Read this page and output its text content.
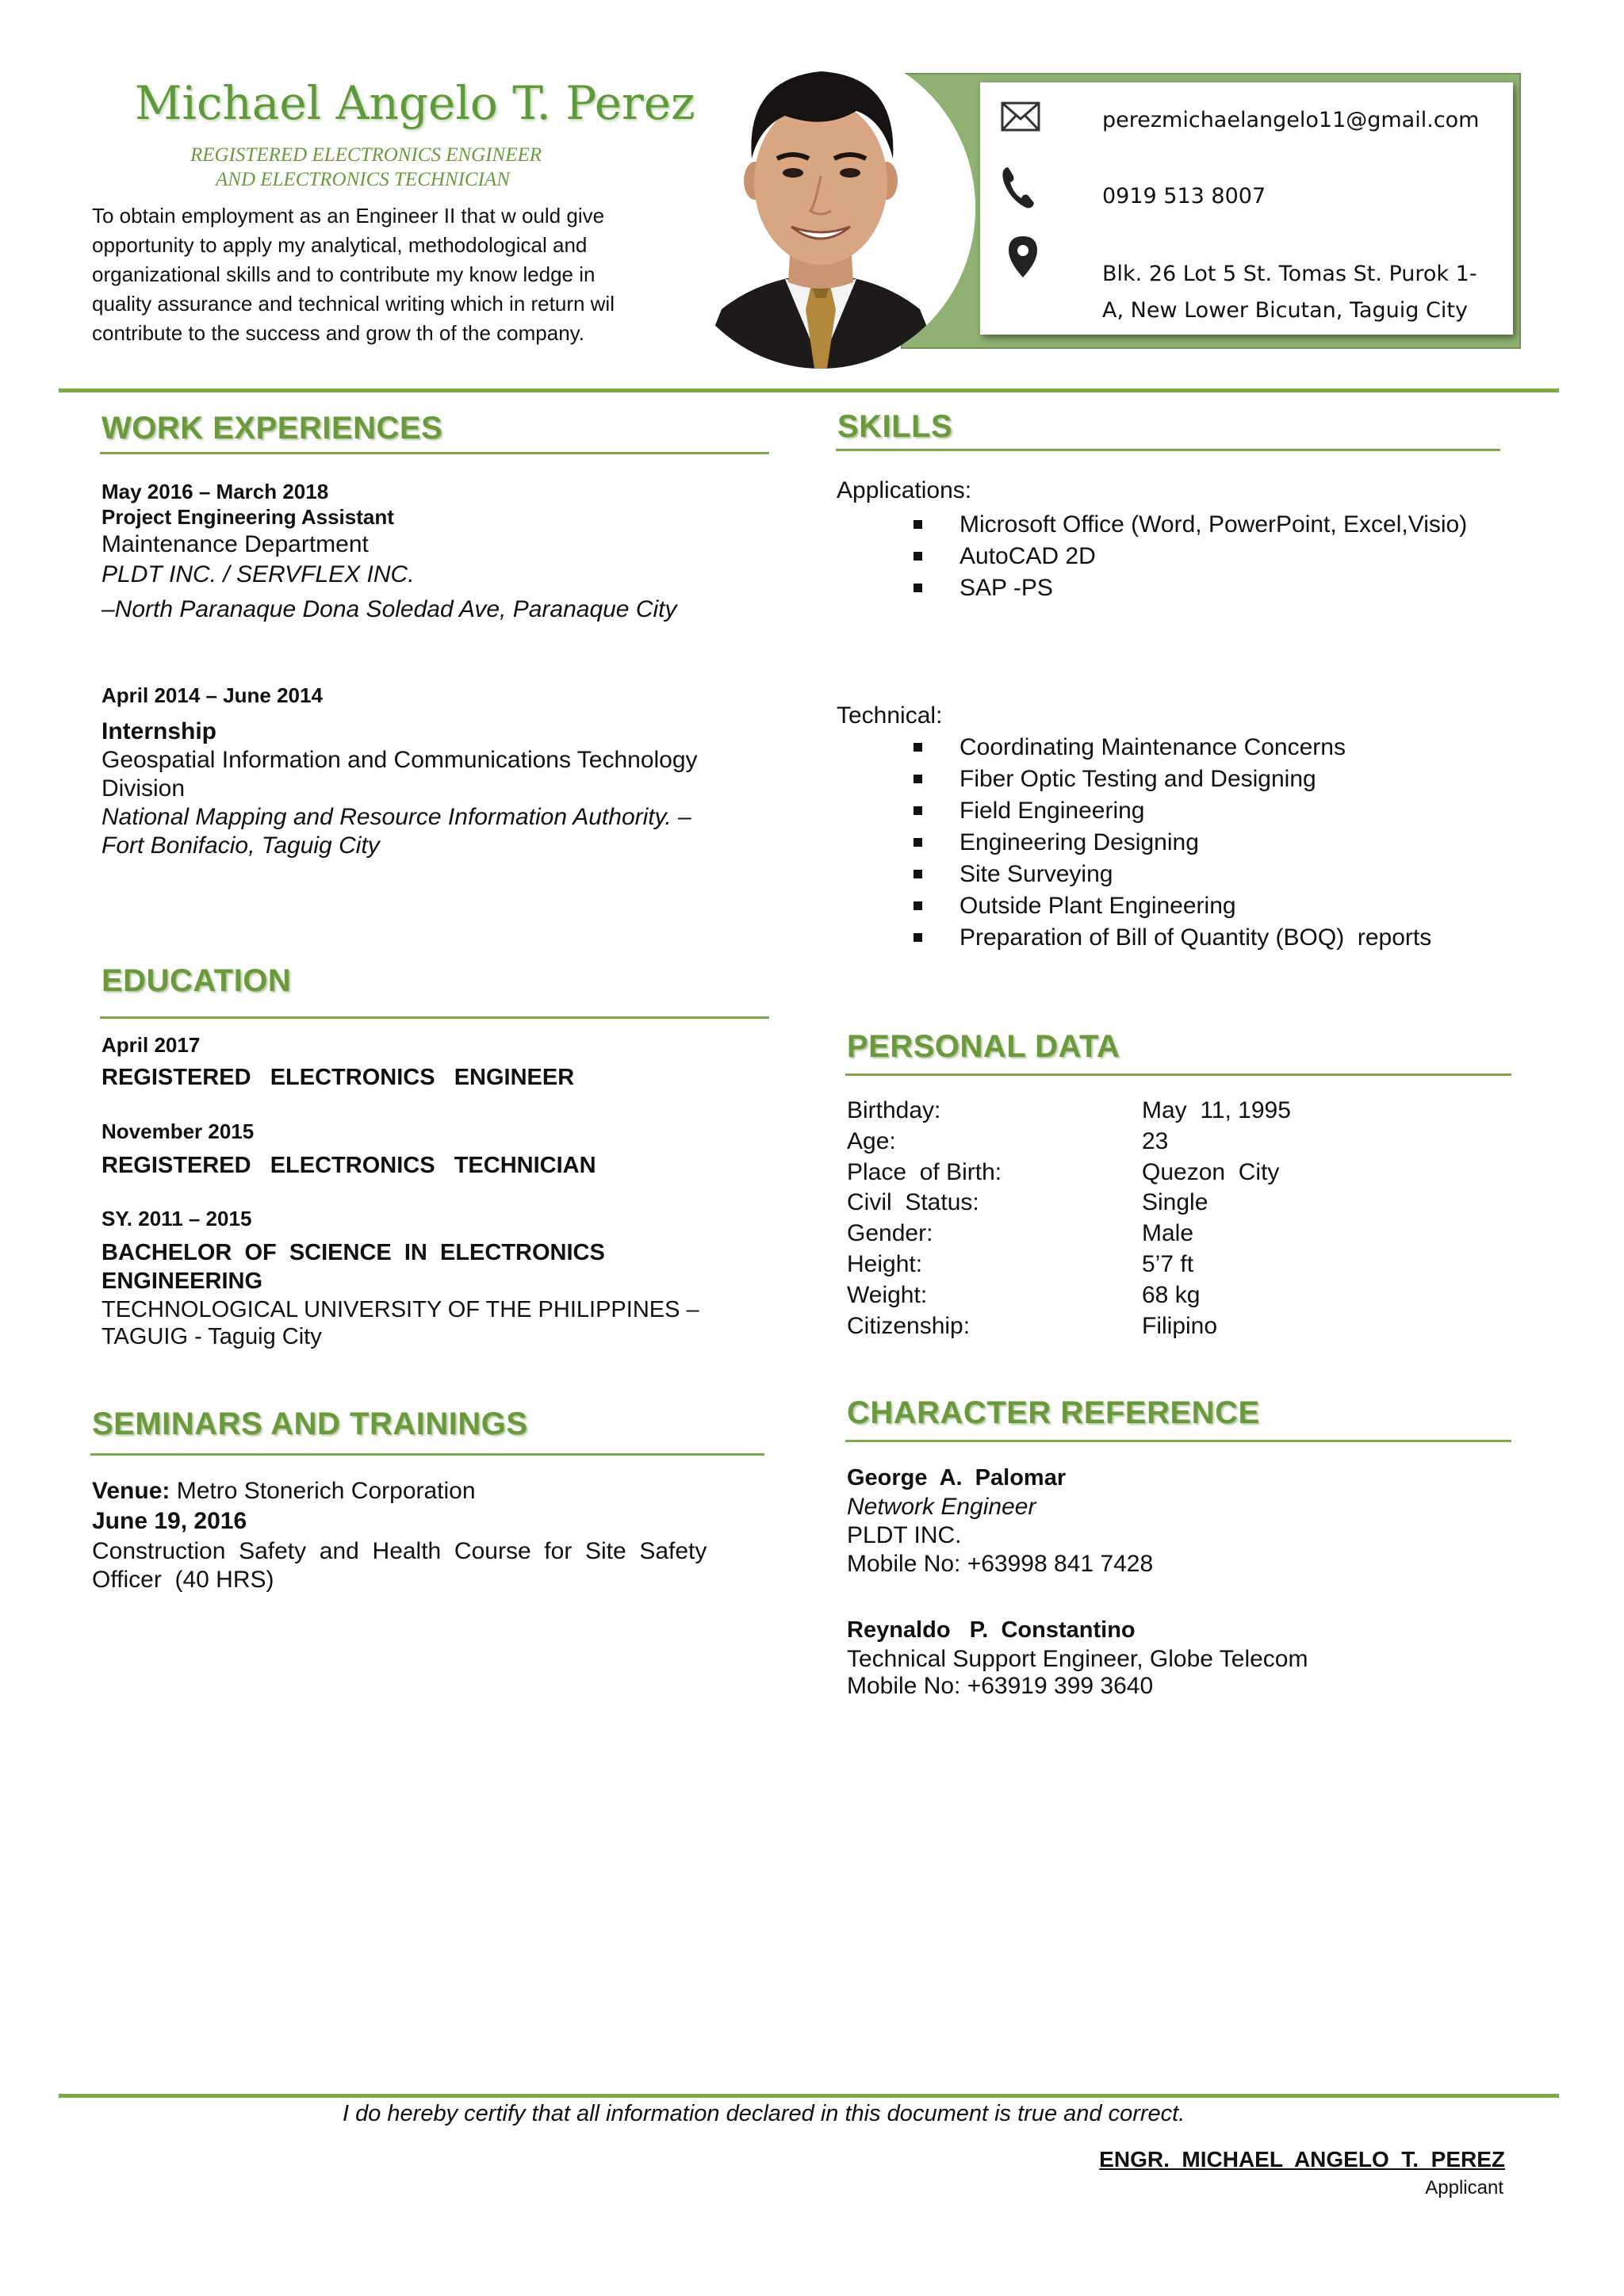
Michael Angelo T. Perez
REGISTERED ELECTRONICS ENGINEER
AND ELECTRONICS TECHNICIAN
To obtain employment as an Engineer II that w ould give
opportunity to apply my analytical, methodological and
organizational skills and to contribute my know ledge in
quality assurance and technical writing which in return wil
contribute to the success and grow th of the company.
perezmichaelangelo11@gmail.com
0919 513 8007
Blk. 26 Lot 5 St. Tomas St. Purok 1-
A, New Lower Bicutan, Taguig City
WORK EXPERIENCES
May 2016 – March 2018
Project Engineering Assistant
Maintenance Department
PLDT INC. / SERVFLEX INC.
–North Paranaque Dona Soledad Ave, Paranaque City
April 2014 – June 2014
Internship
Geospatial Information and Communications Technology
Division
National Mapping and Resource Information Authority. –
Fort Bonifacio, Taguig City
EDUCATION
April 2017
REGISTERED   ELECTRONICS   ENGINEER
November 2015
REGISTERED   ELECTRONICS   TECHNICIAN
SY. 2011 – 2015
BACHELOR  OF  SCIENCE  IN  ELECTRONICS
ENGINEERING
TECHNOLOGICAL UNIVERSITY OF THE PHILIPPINES –
TAGUIG - Taguig City
SEMINARS AND TRAININGS
Venue: Metro Stonerich Corporation
June 19, 2016
Construction  Safety  and  Health  Course  for  Site  Safety
Officer  (40 HRS)
SKILLS
Applications:
Microsoft Office (Word, PowerPoint, Excel,Visio)
AutoCAD 2D
SAP -PS
Technical:
Coordinating Maintenance Concerns
Fiber Optic Testing and Designing
Field Engineering
Engineering Designing
Site Surveying
Outside Plant Engineering
Preparation of Bill of Quantity (BOQ)  reports
PERSONAL DATA
Birthday:
Age:
Place  of Birth:
Civil  Status:
Gender:
Height:
Weight:
Citizenship:
May  11, 1995
23
Quezon  City
Single
Male
5’7 ft
68 kg
Filipino
CHARACTER REFERENCE
George  A.  Palomar
Network Engineer
PLDT INC.
Mobile No: +63998 841 7428
Reynaldo   P.  Constantino
Technical Support Engineer, Globe Telecom
Mobile No: +63919 399 3640
I do hereby certify that all information declared in this document is true and correct.
ENGR.  MICHAEL  ANGELO  T.  PEREZ
Applicant
